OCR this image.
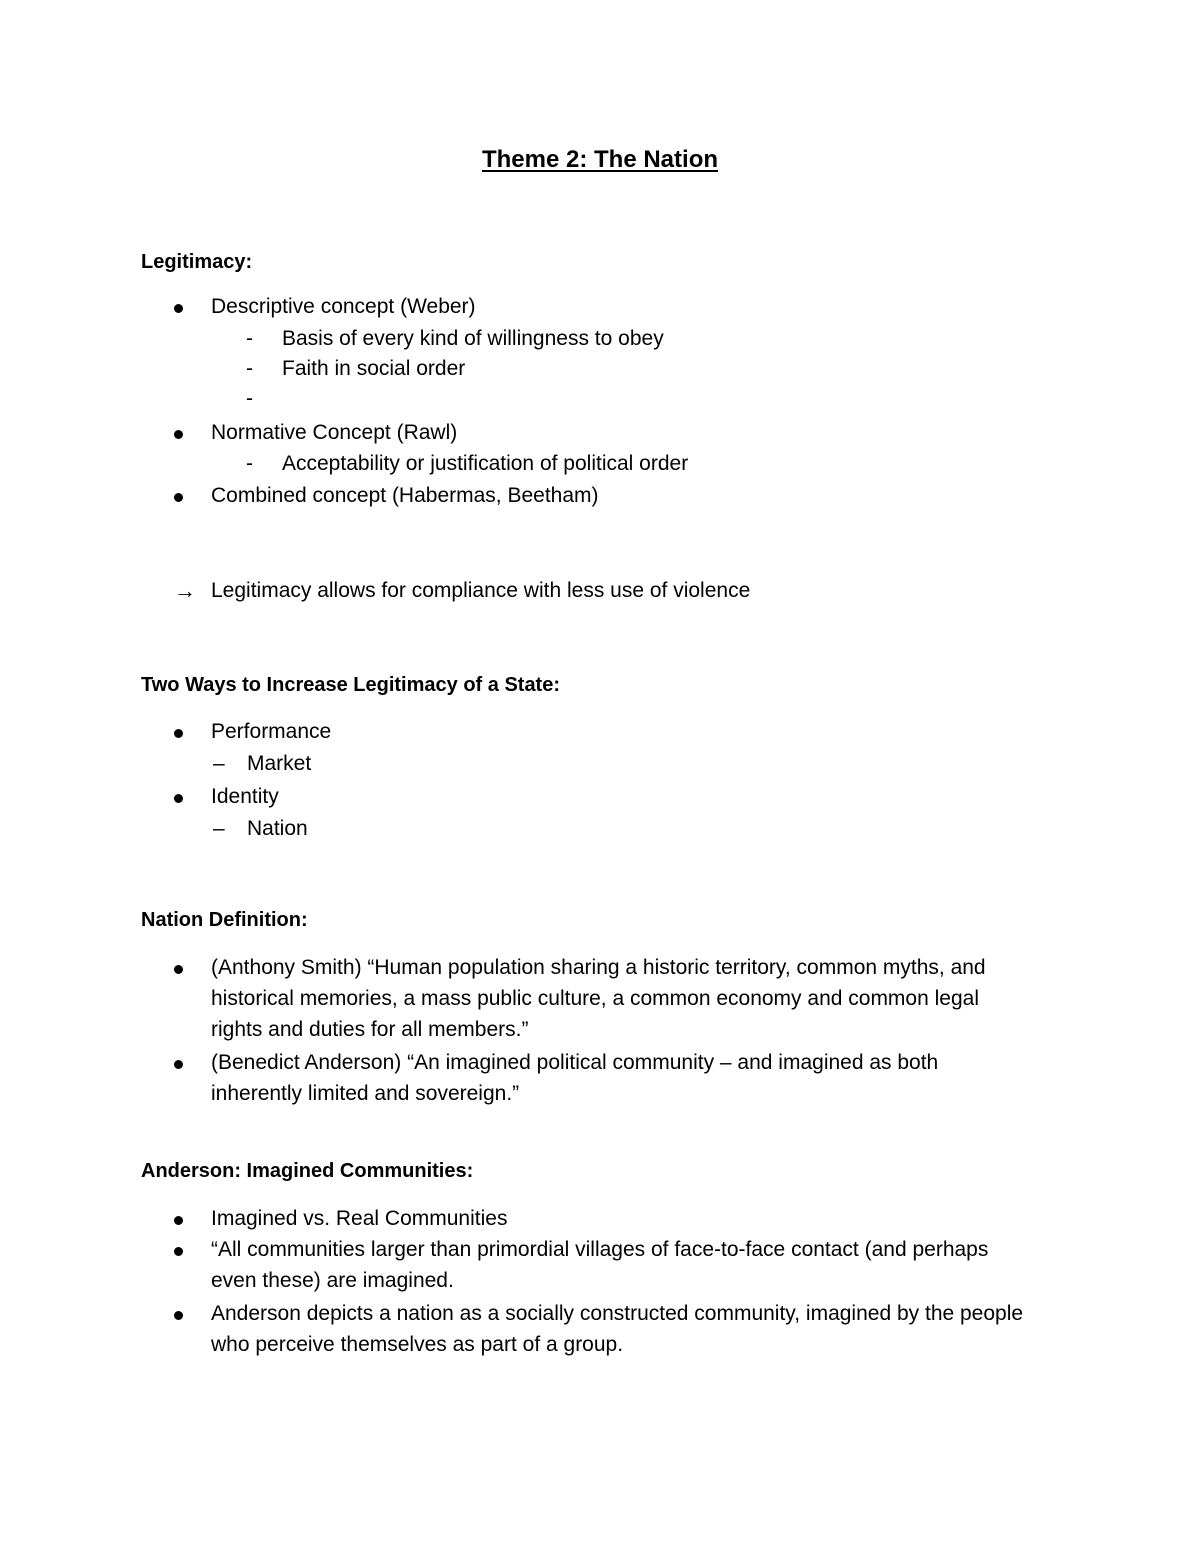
Theme 2: The Nation
Legitimacy:
Descriptive concept (Weber)
- Basis of every kind of willingness to obey
- Faith in social order
-
Normative Concept (Rawl)
- Acceptability or justification of political order
Combined concept (Habermas, Beetham)
→ Legitimacy allows for compliance with less use of violence
Two Ways to Increase Legitimacy of a State:
Performance
– Market
Identity
– Nation
Nation Definition:
(Anthony Smith) “Human population sharing a historic territory, common myths, and
historical memories, a mass public culture, a common economy and common legal
rights and duties for all members.”
(Benedict Anderson) “An imagined political community – and imagined as both
inherently limited and sovereign.”
Anderson: Imagined Communities:
Imagined vs. Real Communities
“All communities larger than primordial villages of face-to-face contact (and perhaps
even these) are imagined.
Anderson depicts a nation as a socially constructed community, imagined by the people
who perceive themselves as part of a group.
